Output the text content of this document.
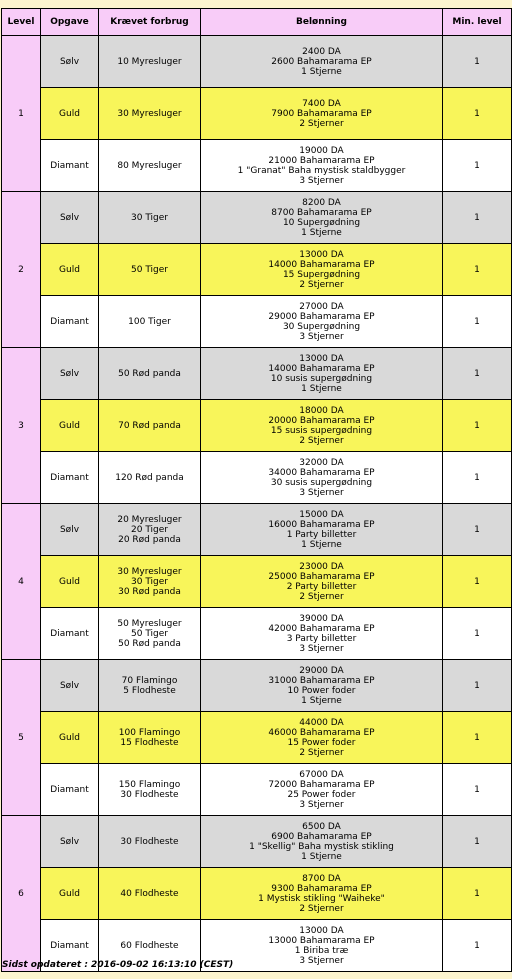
Level	Opgave	Krævet forbrug	Belønning	Min. level
1	Sølv	10 Myresluger	2400 DA
2600 Bahamarama EP
1 Stjerne	1
	Guld	30 Myresluger	7400 DA
7900 Bahamarama EP
2 Stjerner	1
	Diamant	80 Myresluger	19000 DA
21000 Bahamarama EP
1 "Granat" Baha mystisk staldbygger
3 Stjerner	1
2	Sølv	30 Tiger	8200 DA
8700 Bahamarama EP
10 Supergødning
1 Stjerne	1
	Guld	50 Tiger	13000 DA
14000 Bahamarama EP
15 Supergødning
2 Stjerner	1
	Diamant	100 Tiger	27000 DA
29000 Bahamarama EP
30 Supergødning
3 Stjerner	1
3	Sølv	50 Rød panda	13000 DA
14000 Bahamarama EP
10 susis supergødning
1 Stjerne	1
	Guld	70 Rød panda	18000 DA
20000 Bahamarama EP
15 susis supergødning
2 Stjerner	1
	Diamant	120 Rød panda	32000 DA
34000 Bahamarama EP
30 susis supergødning
3 Stjerner	1
4	Sølv	20 Myresluger
20 Tiger
20 Rød panda	15000 DA
16000 Bahamarama EP
1 Party billetter
1 Stjerne	1
	Guld	30 Myresluger
30 Tiger
30 Rød panda	23000 DA
25000 Bahamarama EP
2 Party billetter
2 Stjerner	1
	Diamant	50 Myresluger
50 Tiger
50 Rød panda	39000 DA
42000 Bahamarama EP
3 Party billetter
3 Stjerner	1
5	Sølv	70 Flamingo
5 Flodheste	29000 DA
31000 Bahamarama EP
10 Power foder
1 Stjerne	1
	Guld	100 Flamingo
15 Flodheste	44000 DA
46000 Bahamarama EP
15 Power foder
2 Stjerner	1
	Diamant	150 Flamingo
30 Flodheste	67000 DA
72000 Bahamarama EP
25 Power foder
3 Stjerner	1
6	Sølv	30 Flodheste	6500 DA
6900 Bahamarama EP
1 "Skellig" Baha mystisk stikling
1 Stjerne	1
	Guld	40 Flodheste	8700 DA
9300 Bahamarama EP
1 Mystisk stikling "Waiheke"
2 Stjerner	1
	Diamant	60 Flodheste	13000 DA
13000 Bahamarama EP
1 Biriba træ
3 Stjerner	1
Sidst opdateret : 2016-09-02 16:13:10 (CEST)
